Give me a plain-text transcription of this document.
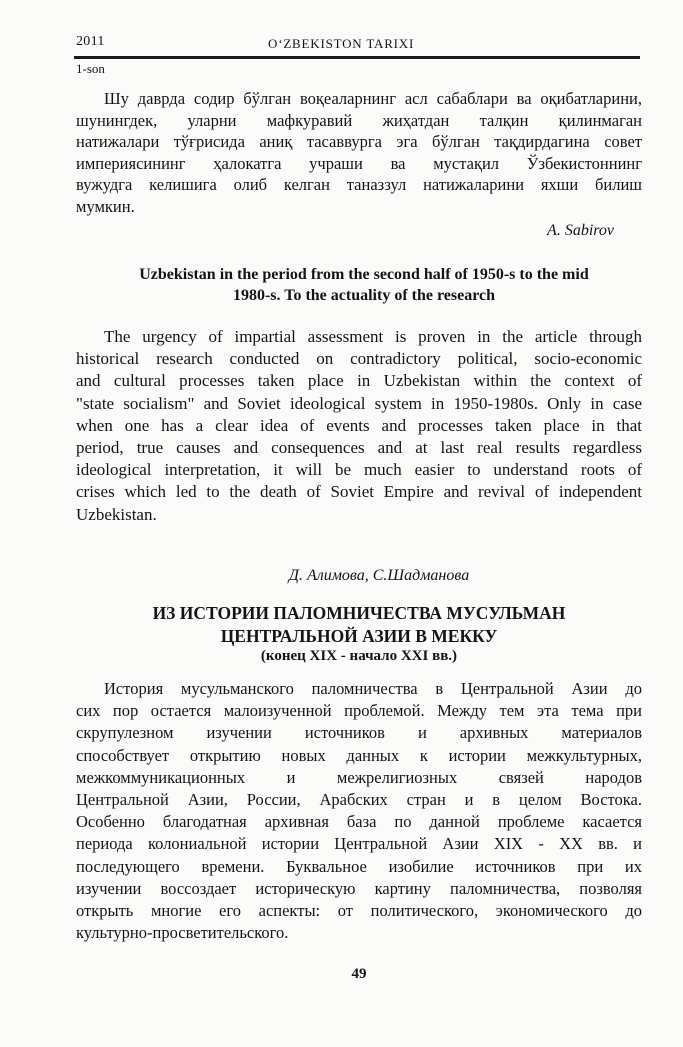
2011	O‘ZBEKISTON TARIXI
1-son

Шу даврда содир бўлган воқеаларнинг асл сабаблари ва оқибатларини,
шунингдек, уларни мафкуравий жиҳатдан талқин қилинмаган
натижалари тўғрисида аниқ тасаввурга эга бўлган тақдирдагина совет
империясининг ҳалокатга учраши ва мустақил Ўзбекистоннинг
вужудга келишига олиб келган таназзул натижаларини яхши билиш
мумкин.

A. Sabirov
Uzbekistan in the period from the second half of 1950-s to the mid
1980-s. To the actuality of the research

The urgency of impartial assessment is proven in the article through
historical research conducted on contradictory political, socio-economic
and cultural processes taken place in Uzbekistan within the context of
"state socialism" and Soviet ideological system in 1950-1980s. Only in case
when one has a clear idea of events and processes taken place in that
period, true causes and consequences and at last real results regardless
ideological interpretation, it will be much easier to understand roots of
crises which led to the death of Soviet Empire and revival of independent
Uzbekistan.

Д. Алимова, С.Шадманова
ИЗ ИСТОРИИ ПАЛОМНИЧЕСТВА МУСУЛЬМАН
ЦЕНТРАЛЬНОЙ АЗИИ В МЕККУ
(конец XIX - начало XXI вв.)

История мусульманского паломничества в Центральной Азии до
сих пор остается малоизученной проблемой. Между тем эта тема при
скрупулезном изучении источников и архивных материалов
способствует открытию новых данных к истории межкультурных,
межкоммуникационных и межрелигиозных связей народов
Центральной Азии, России, Арабских стран и в целом Востока.
Особенно благодатная архивная база по данной проблеме касается
периода колониальной истории Центральной Азии XIX - XX вв. и
последующего времени. Буквальное изобилие источников при их
изучении воссоздает историческую картину паломничества, позволяя
открыть многие его аспекты: от политического, экономического до
культурно-просветительского.

49
